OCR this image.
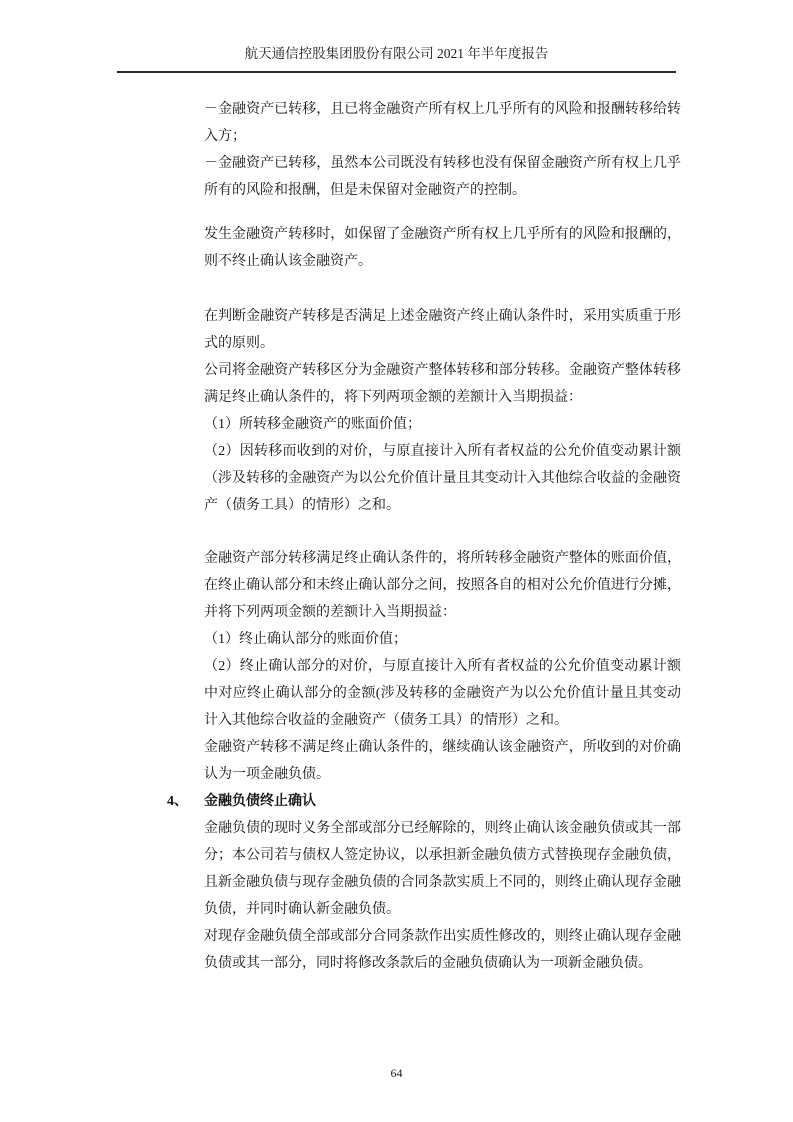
航天通信控股集团股份有限公司 2021 年半年度报告

－金融资产已转移，且已将金融资产所有权上几乎所有的风险和报酬转移给转入方；

－金融资产已转移，虽然本公司既没有转移也没有保留金融资产所有权上几乎所有的风险和报酬，但是未保留对金融资产的控制。

发生金融资产转移时，如保留了金融资产所有权上几乎所有的风险和报酬的，则不终止确认该金融资产。

在判断金融资产转移是否满足上述金融资产终止确认条件时，采用实质重于形式的原则。

公司将金融资产转移区分为金融资产整体转移和部分转移。金融资产整体转移满足终止确认条件的，将下列两项金额的差额计入当期损益：

（1）所转移金融资产的账面价值；

（2）因转移而收到的对价，与原直接计入所有者权益的公允价值变动累计额（涉及转移的金融资产为以公允价值计量且其变动计入其他综合收益的金融资产（债务工具）的情形）之和。

金融资产部分转移满足终止确认条件的，将所转移金融资产整体的账面价值，在终止确认部分和未终止确认部分之间，按照各自的相对公允价值进行分摊，并将下列两项金额的差额计入当期损益：

（1）终止确认部分的账面价值；

（2）终止确认部分的对价，与原直接计入所有者权益的公允价值变动累计额中对应终止确认部分的金额(涉及转移的金融资产为以公允价值计量且其变动计入其他综合收益的金融资产（债务工具）的情形）之和。

金融资产转移不满足终止确认条件的，继续确认该金融资产，所收到的对价确认为一项金融负债。

4、 金融负债终止确认

金融负债的现时义务全部或部分已经解除的，则终止确认该金融负债或其一部分；本公司若与债权人签定协议，以承担新金融负债方式替换现存金融负债，且新金融负债与现存金融负债的合同条款实质上不同的，则终止确认现存金融负债，并同时确认新金融负债。

对现存金融负债全部或部分合同条款作出实质性修改的，则终止确认现存金融负债或其一部分，同时将修改条款后的金融负债确认为一项新金融负债。

64
